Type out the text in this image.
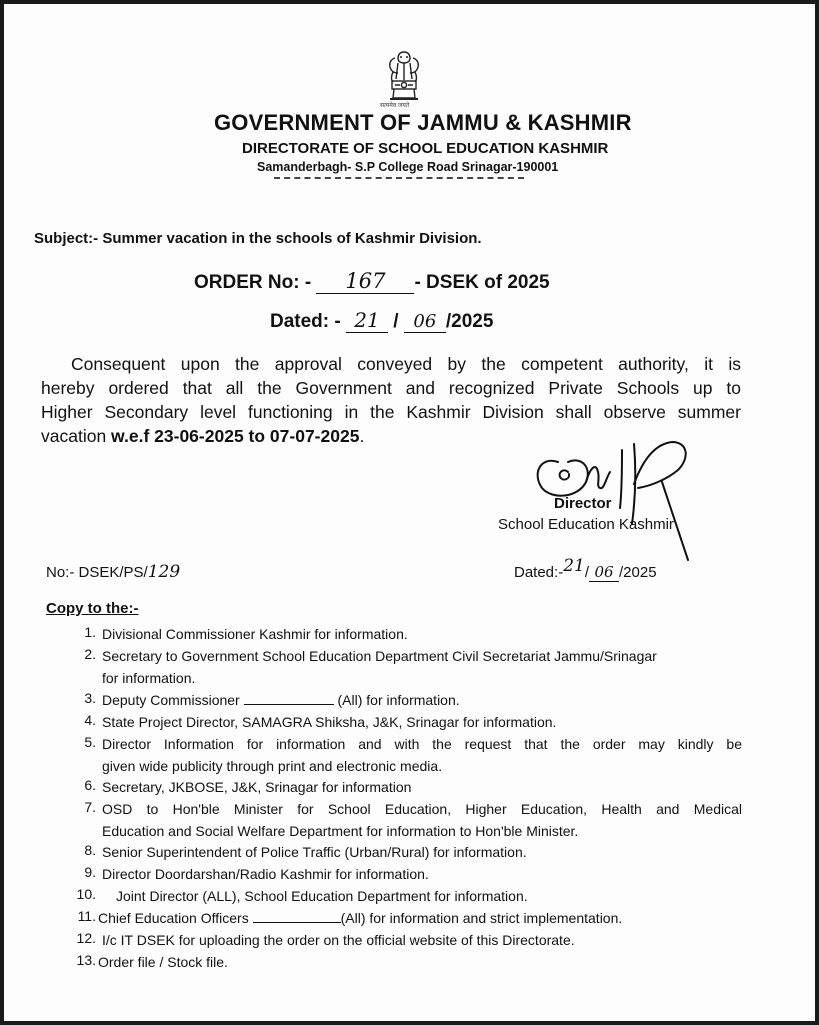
सत्यमेव जयते
GOVERNMENT OF JAMMU & KASHMIR
DIRECTORATE OF SCHOOL EDUCATION KASHMIR
Samanderbagh- S.P College Road Srinagar-190001
Subject:- Summer vacation in the schools of Kashmir Division.
ORDER No: - 167 - DSEK of 2025
Dated: - 21 / 06 /2025
Consequent upon the approval conveyed by the competent authority, it is
hereby ordered that all the Government and recognized Private Schools up to
Higher Secondary level functioning in the Kashmir Division shall observe summer
vacation w.e.f 23-06-2025 to 07-07-2025.
Director
School Education Kashmir
No:- DSEK/PS/129	Dated:-21/ 06 /2025
Copy to the:-
1. Divisional Commissioner Kashmir for information.
2. Secretary to Government School Education Department Civil Secretariat Jammu/Srinagar
for information.
3. Deputy Commissioner	(All) for information.
4. State Project Director, SAMAGRA Shiksha, J&K, Srinagar for information.
5. Director Information for information and with the request that the order may kindly be
given wide publicity through print and electronic media.
6. Secretary, JKBOSE, J&K, Srinagar for information
7. OSD to Hon'ble Minister for School Education, Higher Education, Health and Medical
Education and Social Welfare Department for information to Hon'ble Minister.
8. Senior Superintendent of Police Traffic (Urban/Rural) for information.
9. Director Doordarshan/Radio Kashmir for information.
10.	Joint Director (ALL), School Education Department for information.
11. Chief Education Officers	(All) for information and strict implementation.
12. I/c IT DSEK for uploading the order on the official website of this Directorate.
13. Order file / Stock file.
